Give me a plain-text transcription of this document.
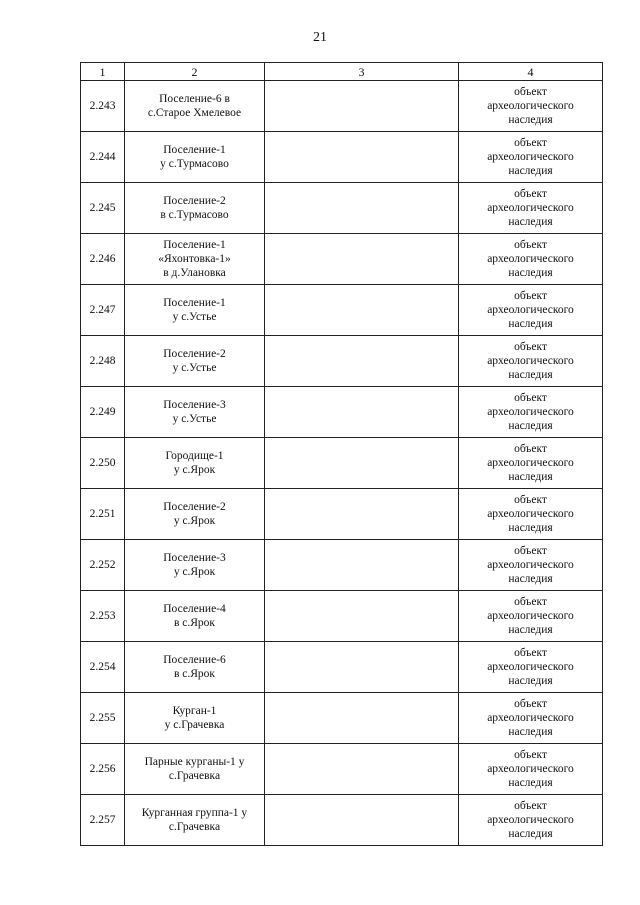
21
1	2	3	4
2.243	Поселение-6 в
с.Старое Хмелевое		объект
археологического
наследия

2.244	Поселение-1
у с.Турмасово		объект
археологического
наследия

2.245	Поселение-2
в с.Турмасово		объект
археологического
наследия

2.246	Поселение-1
«Яхонтовка-1»
в д.Улановка		объект
археологического
наследия

2.247	Поселение-1
у с.Устье		объект
археологического
наследия

2.248	Поселение-2
у с.Устье		объект
археологического
наследия

2.249	Поселение-3
у с.Устье		объект
археологического
наследия

2.250	Городище-1
у с.Ярок		объект
археологического
наследия

2.251	Поселение-2
у с.Ярок		объект
археологического
наследия

2.252	Поселение-3
у с.Ярок		объект
археологического
наследия

2.253	Поселение-4
в с.Ярок		объект
археологического
наследия

2.254	Поселение-6
в с.Ярок		объект
археологического
наследия

2.255	Курган-1
у с.Грачевка		объект
археологического
наследия

2.256	Парные курганы-1 у
с.Грачевка		объект
археологического
наследия

2.257	Курганная группа-1 у
с.Грачевка		объект
археологического
наследия
